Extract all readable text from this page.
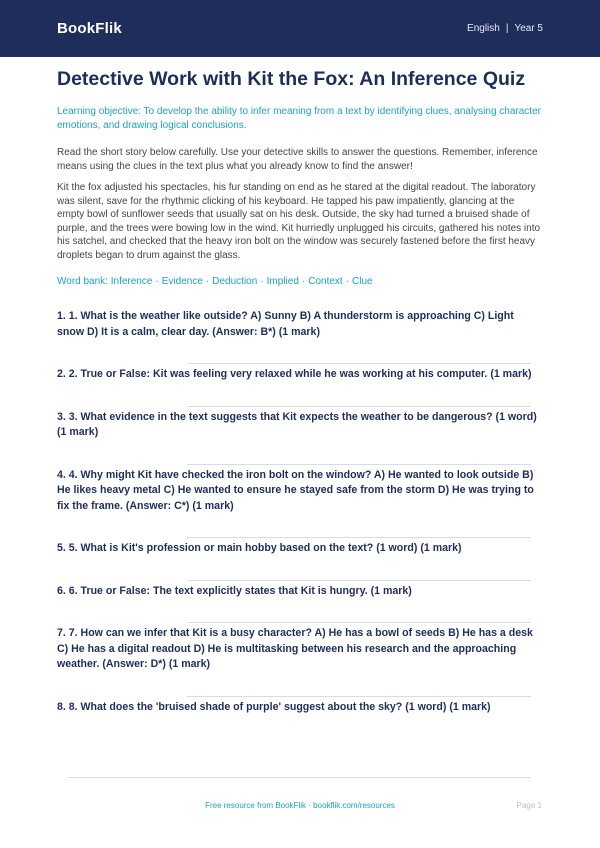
BookFlik	English | Year 5
Detective Work with Kit the Fox: An Inference Quiz

Learning objective: To develop the ability to infer meaning from a text by identifying clues, analysing character emotions, and drawing logical conclusions.

Read the short story below carefully. Use your detective skills to answer the questions. Remember, inference means using the clues in the text plus what you already know to find the answer!

Kit the fox adjusted his spectacles, his fur standing on end as he stared at the digital readout. The laboratory was silent, save for the rhythmic clicking of his keyboard. He tapped his paw impatiently, glancing at the empty bowl of sunflower seeds that usually sat on his desk. Outside, the sky had turned a bruised shade of purple, and the trees were bowing low in the wind. Kit hurriedly unplugged his circuits, gathered his notes into his satchel, and checked that the heavy iron bolt on the window was securely fastened before the first heavy droplets began to drum against the glass.

Word bank: Inference · Evidence · Deduction · Implied · Context · Clue

1. 1. What is the weather like outside? A) Sunny B) A thunderstorm is approaching C) Light snow D) It is a calm, clear day. (Answer: B*) (1 mark)

2. 2. True or False: Kit was feeling very relaxed while he was working at his computer. (1 mark)

3. 3. What evidence in the text suggests that Kit expects the weather to be dangerous? (1 word) (1 mark)

4. 4. Why might Kit have checked the iron bolt on the window? A) He wanted to look outside B) He likes heavy metal C) He wanted to ensure he stayed safe from the storm D) He was trying to fix the frame. (Answer: C*) (1 mark)

5. 5. What is Kit's profession or main hobby based on the text? (1 word) (1 mark)

6. 6. True or False: The text explicitly states that Kit is hungry. (1 mark)

7. 7. How can we infer that Kit is a busy character? A) He has a bowl of seeds B) He has a desk C) He has a digital readout D) He is multitasking between his research and the approaching weather. (Answer: D*) (1 mark)

8. 8. What does the 'bruised shade of purple' suggest about the sky? (1 word) (1 mark)

Free resource from BookFlik · bookflik.com/resources	Page 1
